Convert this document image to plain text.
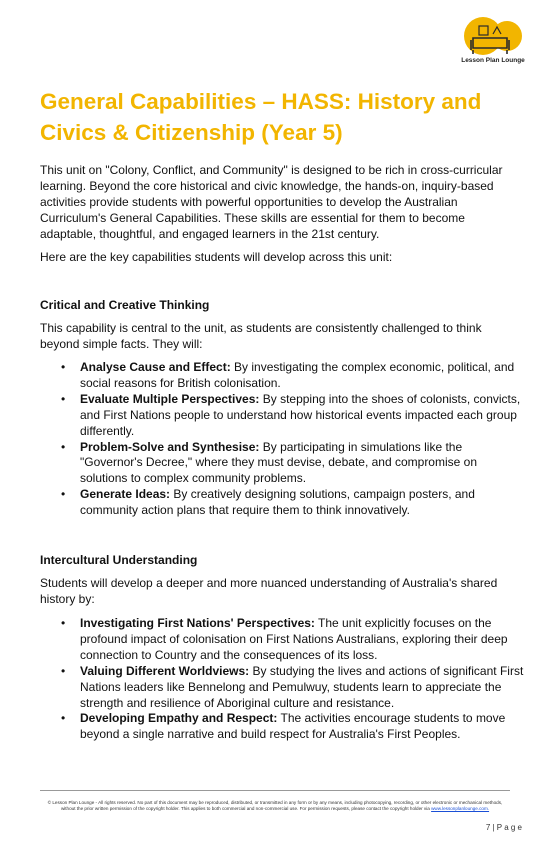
Lesson Plan Lounge
General Capabilities – HASS: History and Civics & Citizenship (Year 5)

This unit on "Colony, Conflict, and Community" is designed to be rich in cross-curricular learning. Beyond the core historical and civic knowledge, the hands-on, inquiry-based activities provide students with powerful opportunities to develop the Australian Curriculum's General Capabilities. These skills are essential for them to become adaptable, thoughtful, and engaged learners in the 21st century.

Here are the key capabilities students will develop across this unit:

Critical and Creative Thinking

This capability is central to the unit, as students are consistently challenged to think beyond simple facts. They will:

• Analyse Cause and Effect: By investigating the complex economic, political, and social reasons for British colonisation.
• Evaluate Multiple Perspectives: By stepping into the shoes of colonists, convicts, and First Nations people to understand how historical events impacted each group differently.
• Problem-Solve and Synthesise: By participating in simulations like the "Governor's Decree," where they must devise, debate, and compromise on solutions to complex community problems.
• Generate Ideas: By creatively designing solutions, campaign posters, and community action plans that require them to think innovatively.
Intercultural Understanding

Students will develop a deeper and more nuanced understanding of Australia's shared history by:

• Investigating First Nations' Perspectives: The unit explicitly focuses on the profound impact of colonisation on First Nations Australians, exploring their deep connection to Country and the consequences of its loss.
• Valuing Different Worldviews: By studying the lives and actions of significant First Nations leaders like Bennelong and Pemulwuy, students learn to appreciate the strength and resilience of Aboriginal culture and resistance.
• Developing Empathy and Respect: The activities encourage students to move beyond a single narrative and build respect for Australia's First Peoples.
© Lesson Plan Lounge - All rights reserved. No part of this document may be reproduced, distributed, or transmitted in any form or by any means, including photocopying, recording, or other electronic or mechanical methods, without the prior written permission of the copyright holder. This applies to both commercial and non-commercial use. For permission requests, please contact the copyright holder via www.lessonplanlounge.com.
7 | P a g e
